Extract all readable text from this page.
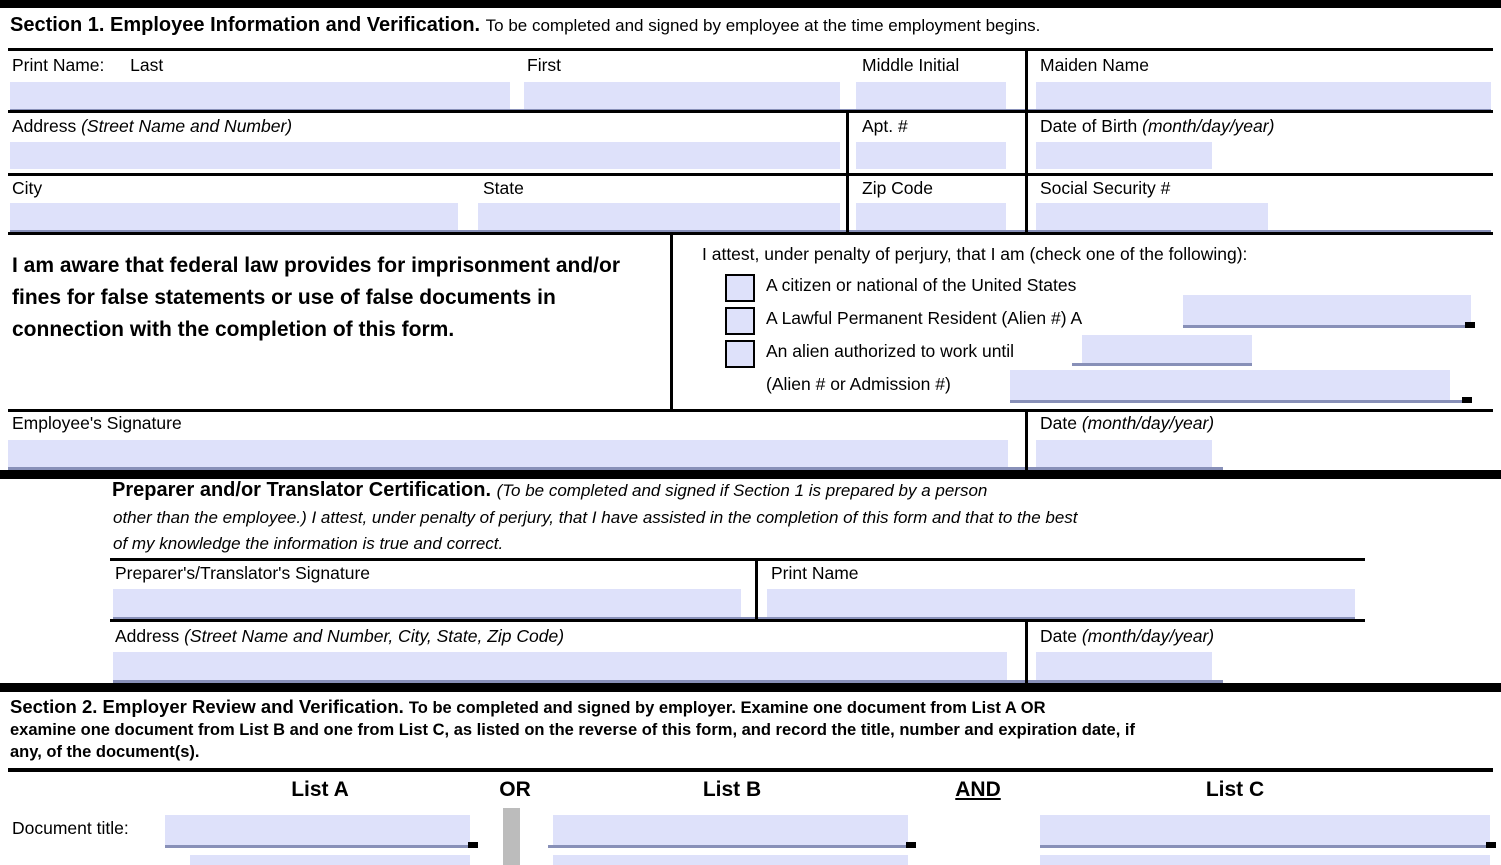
Section 1. Employee Information and Verification. To be completed and signed by employee at the time employment begins.
Print Name: Last	First	Middle Initial	Maiden Name
Address (Street Name and Number)	Apt. #	Date of Birth (month/day/year)
City	State	Zip Code	Social Security #
I am aware that federal law provides for imprisonment and/or fines for false statements or use of false documents in connection with the completion of this form.
I attest, under penalty of perjury, that I am (check one of the following):
A citizen or national of the United States
A Lawful Permanent Resident (Alien #) A
An alien authorized to work until
(Alien # or Admission #)
Employee's Signature	Date (month/day/year)
Preparer and/or Translator Certification. (To be completed and signed if Section 1 is prepared by a person
other than the employee.) I attest, under penalty of perjury, that I have assisted in the completion of this form and that to the best
of my knowledge the information is true and correct.
Preparer's/Translator's Signature	Print Name
Address (Street Name and Number, City, State, Zip Code)	Date (month/day/year)
Section 2. Employer Review and Verification. To be completed and signed by employer. Examine one document from List A OR
examine one document from List B and one from List C, as listed on the reverse of this form, and record the title, number and expiration date, if
any, of the document(s).
List A	OR	List B	AND	List C
Document title:
